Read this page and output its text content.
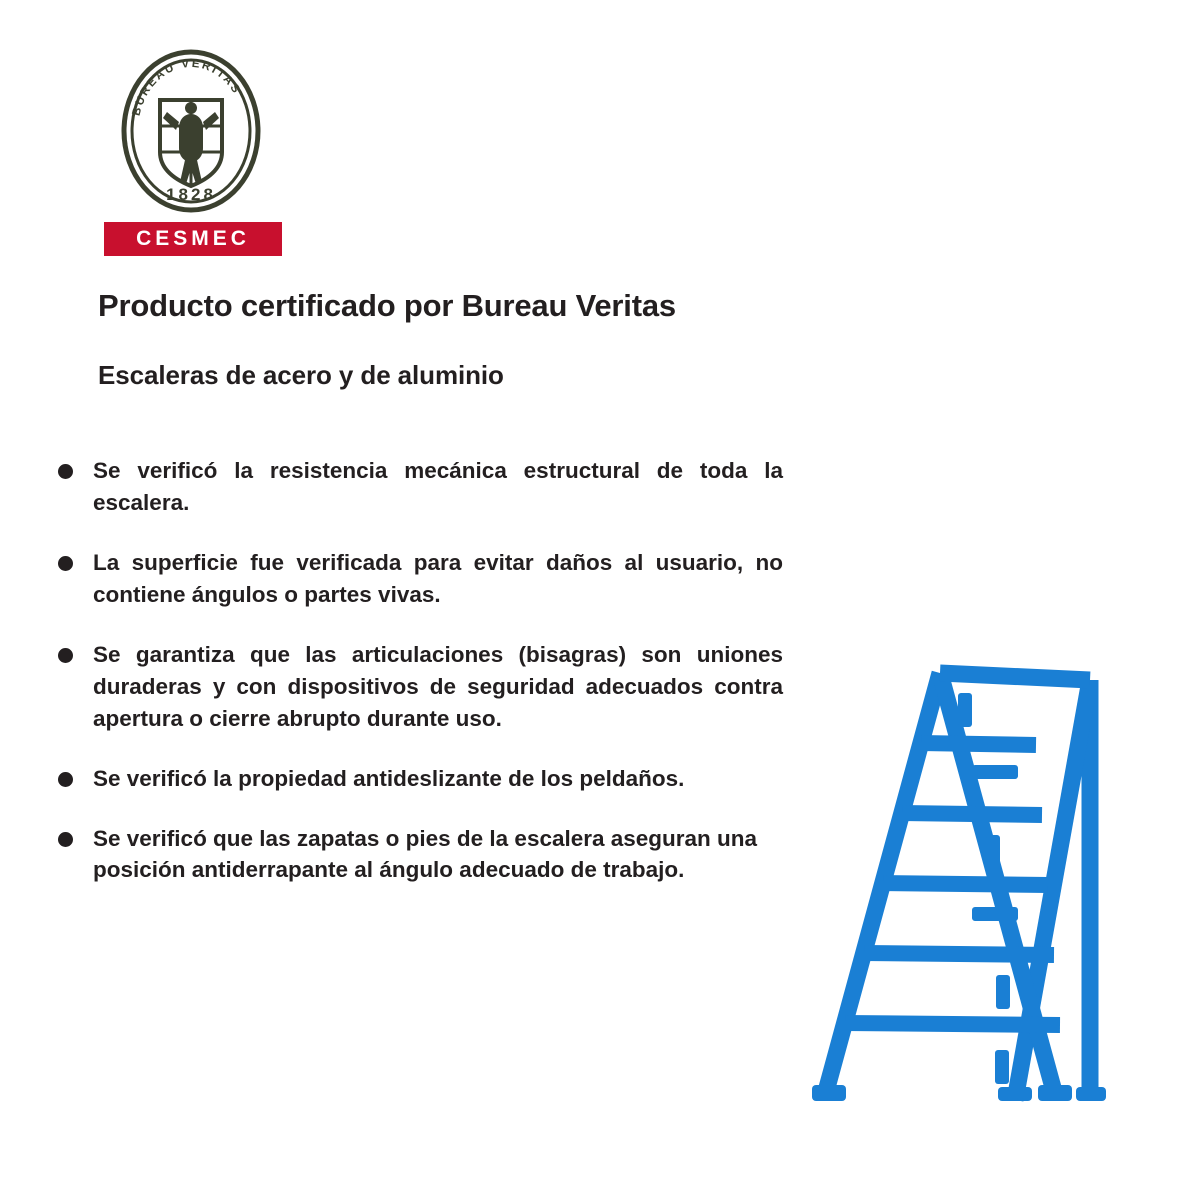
BUREAU VERITAS
1828
CESMEC
Producto certificado por Bureau Veritas
Escaleras de acero y de aluminio
Se verificó la resistencia mecánica estructural de toda la escalera.
La superficie fue verificada para evitar daños al usuario, no contiene ángulos o partes vivas.
Se garantiza que las articulaciones (bisagras) son uniones duraderas y con dispositivos de seguridad adecuados contra apertura o cierre abrupto durante uso.
Se verificó la propiedad antideslizante de los peldaños.
Se verificó que las zapatas o pies de la escalera aseguran una posición antiderrapante al ángulo adecuado de trabajo.
